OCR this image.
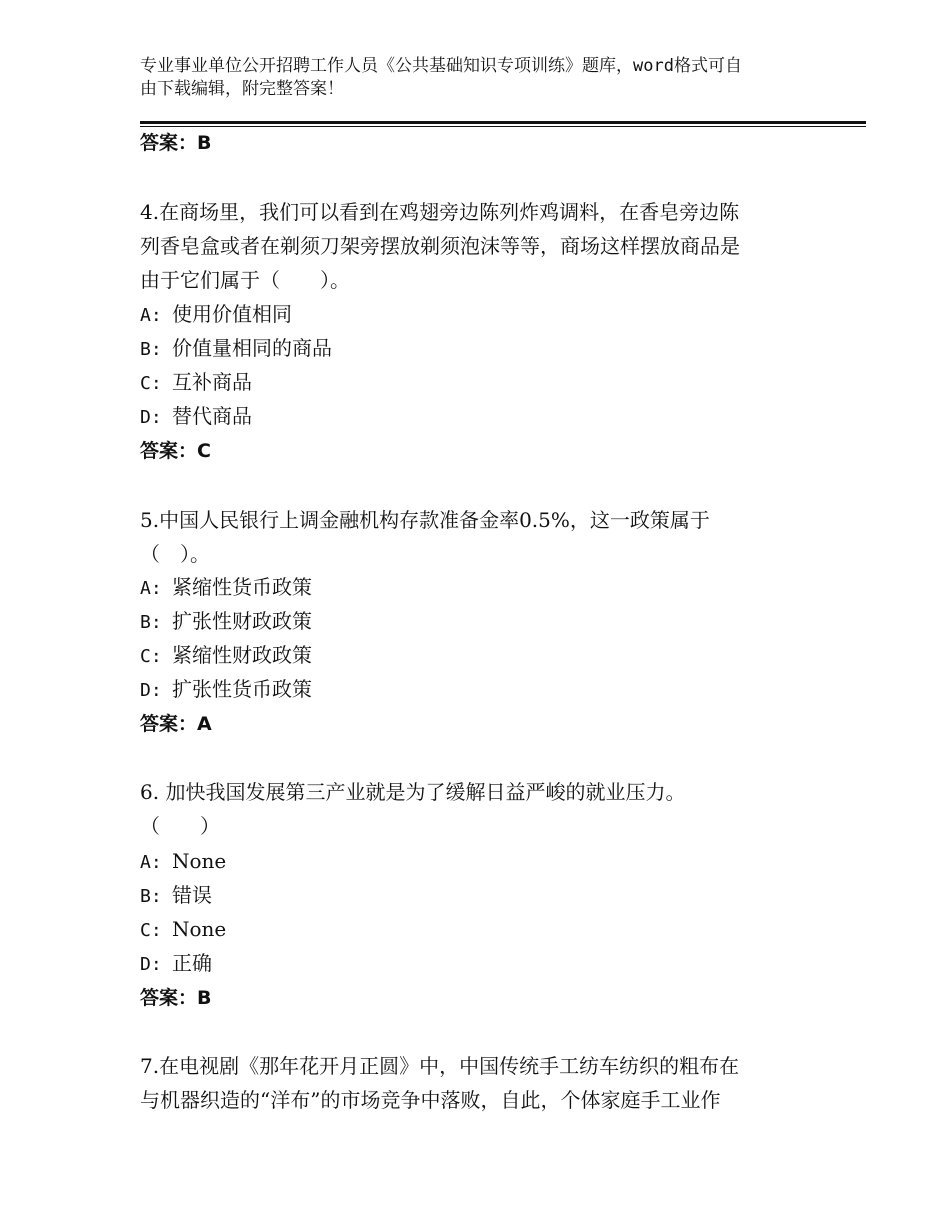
专业事业单位公开招聘工作人员《公共基础知识专项训练》题库，word格式可自
由下载编辑，附完整答案！
答案：B
4.在商场里，我们可以看到在鸡翅旁边陈列炸鸡调料，在香皂旁边陈
列香皂盒或者在剃须刀架旁摆放剃须泡沫等等，商场这样摆放商品是
由于它们属于（　　）。
A: 使用价值相同
B: 价值量相同的商品
C: 互补商品
D: 替代商品
答案：C
5.中国人民银行上调金融机构存款准备金率0.5%，这一政策属于
（　）。
A: 紧缩性货币政策
B: 扩张性财政政策
C: 紧缩性财政政策
D: 扩张性货币政策
答案：A
6. 加快我国发展第三产业就是为了缓解日益严峻的就业压力。
（　　）
A: None
B: 错误
C: None
D: 正确
答案：B
7.在电视剧《那年花开月正圆》中，中国传统手工纺车纺织的粗布在
与机器织造的“洋布”的市场竞争中落败，自此，个体家庭手工业作
